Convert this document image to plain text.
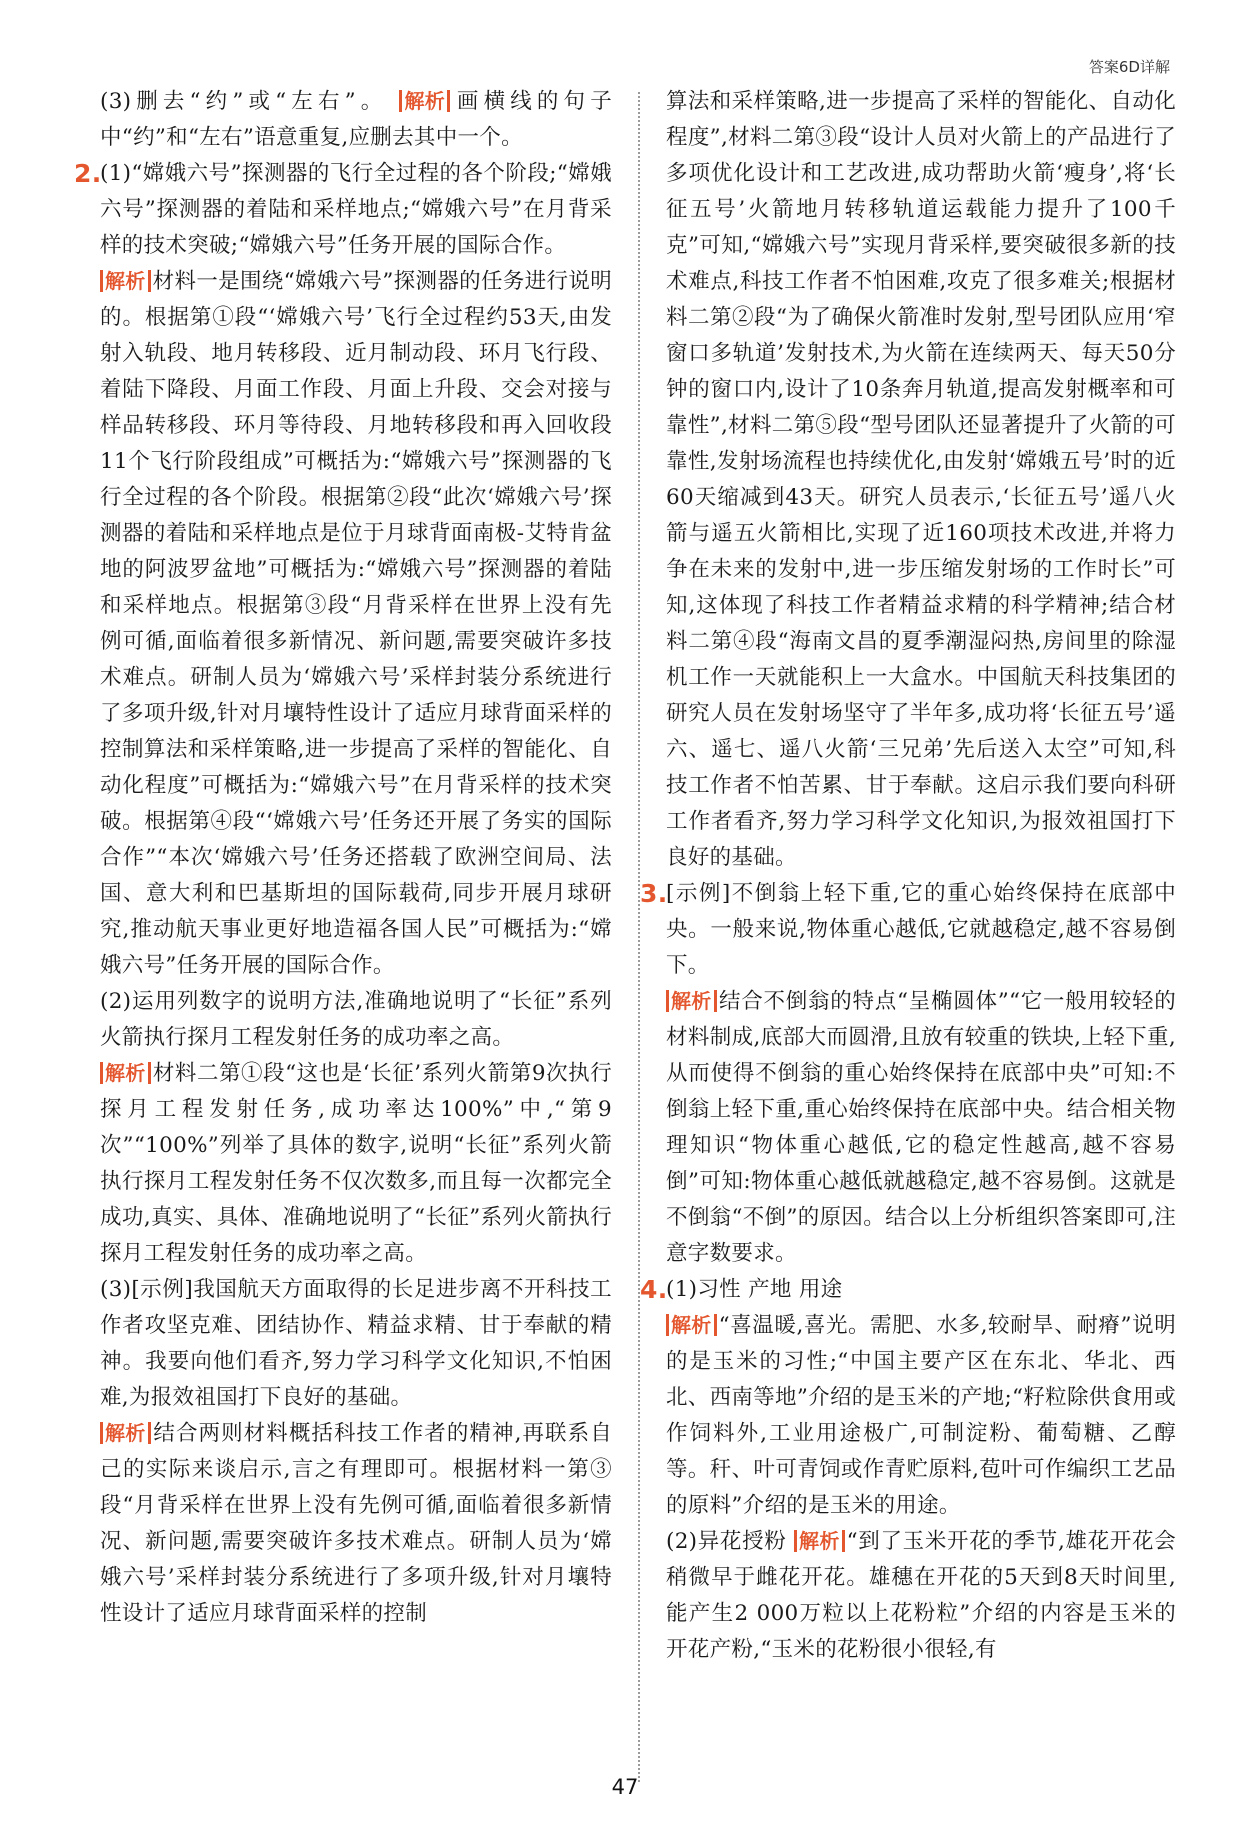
答案6D详解

(3)删去“约”或“左右”。 解析 画横线的句子中“约”和“左右”语意重复,应删去其中一个。

2.

(1)“嫦娥六号”探测器的飞行全过程的各个阶段;“嫦娥六号”探测器的着陆和采样地点;“嫦娥六号”在月背采样的技术突破;“嫦娥六号”任务开展的国际合作。

解析 材料一是围绕“嫦娥六号”探测器的任务进行说明的。根据第①段“‘嫦娥六号’飞行全过程约53天,由发射入轨段、地月转移段、近月制动段、环月飞行段、着陆下降段、月面工作段、月面上升段、交会对接与样品转移段、环月等待段、月地转移段和再入回收段11个飞行阶段组成”可概括为:“嫦娥六号”探测器的飞行全过程的各个阶段。根据第②段“此次‘嫦娥六号’探测器的着陆和采样地点是位于月球背面南极-艾特肯盆地的阿波罗盆地”可概括为:“嫦娥六号”探测器的着陆和采样地点。根据第③段“月背采样在世界上没有先例可循,面临着很多新情况、新问题,需要突破许多技术难点。研制人员为‘嫦娥六号’采样封装分系统进行了多项升级,针对月壤特性设计了适应月球背面采样的控制算法和采样策略,进一步提高了采样的智能化、自动化程度”可概括为:“嫦娥六号”在月背采样的技术突破。根据第④段“‘嫦娥六号’任务还开展了务实的国际合作”“本次‘嫦娥六号’任务还搭载了欧洲空间局、法国、意大利和巴基斯坦的国际载荷,同步开展月球研究,推动航天事业更好地造福各国人民”可概括为:“嫦娥六号”任务开展的国际合作。

(2)运用列数字的说明方法,准确地说明了“长征”系列火箭执行探月工程发射任务的成功率之高。

解析 材料二第①段“这也是‘长征’系列火箭第9次执行探月工程发射任务,成功率达100%”中,“第9次”“100%”列举了具体的数字,说明“长征”系列火箭执行探月工程发射任务不仅次数多,而且每一次都完全成功,真实、具体、准确地说明了“长征”系列火箭执行探月工程发射任务的成功率之高。

(3)[示例]我国航天方面取得的长足进步离不开科技工作者攻坚克难、团结协作、精益求精、甘于奉献的精神。我要向他们看齐,努力学习科学文化知识,不怕困难,为报效祖国打下良好的基础。

解析 结合两则材料概括科技工作者的精神,再联系自己的实际来谈启示,言之有理即可。根据材料一第③段“月背采样在世界上没有先例可循,面临着很多新情况、新问题,需要突破许多技术难点。研制人员为‘嫦娥六号’采样封装分系统进行了多项升级,针对月壤特性设计了适应月球背面采样的控制

算法和采样策略,进一步提高了采样的智能化、自动化程度”,材料二第③段“设计人员对火箭上的产品进行了多项优化设计和工艺改进,成功帮助火箭‘瘦身’,将‘长征五号’火箭地月转移轨道运载能力提升了100千克”可知,“嫦娥六号”实现月背采样,要突破很多新的技术难点,科技工作者不怕困难,攻克了很多难关;根据材料二第②段“为了确保火箭准时发射,型号团队应用‘窄窗口多轨道’发射技术,为火箭在连续两天、每天50分钟的窗口内,设计了10条奔月轨道,提高发射概率和可靠性”,材料二第⑤段“型号团队还显著提升了火箭的可靠性,发射场流程也持续优化,由发射‘嫦娥五号’时的近60天缩减到43天。研究人员表示,‘长征五号’遥八火箭与遥五火箭相比,实现了近160项技术改进,并将力争在未来的发射中,进一步压缩发射场的工作时长”可知,这体现了科技工作者精益求精的科学精神;结合材料二第④段“海南文昌的夏季潮湿闷热,房间里的除湿机工作一天就能积上一大盒水。中国航天科技集团的研究人员在发射场坚守了半年多,成功将‘长征五号’遥六、遥七、遥八火箭‘三兄弟’先后送入太空”可知,科技工作者不怕苦累、甘于奉献。这启示我们要向科研工作者看齐,努力学习科学文化知识,为报效祖国打下良好的基础。

3.

[示例]不倒翁上轻下重,它的重心始终保持在底部中央。一般来说,物体重心越低,它就越稳定,越不容易倒下。

解析 结合不倒翁的特点“呈椭圆体”“它一般用较轻的材料制成,底部大而圆滑,且放有较重的铁块,上轻下重,从而使得不倒翁的重心始终保持在底部中央”可知:不倒翁上轻下重,重心始终保持在底部中央。结合相关物理知识“物体重心越低,它的稳定性越高,越不容易倒”可知:物体重心越低就越稳定,越不容易倒。这就是不倒翁“不倒”的原因。结合以上分析组织答案即可,注意字数要求。

4.

(1)习性 产地 用途

解析 “喜温暖,喜光。需肥、水多,较耐旱、耐瘠”说明的是玉米的习性;“中国主要产区在东北、华北、西北、西南等地”介绍的是玉米的产地;“籽粒除供食用或作饲料外,工业用途极广,可制淀粉、葡萄糖、乙醇等。秆、叶可青饲或作青贮原料,苞叶可作编织工艺品的原料”介绍的是玉米的用途。

(2)异花授粉 解析 “到了玉米开花的季节,雄花开花会稍微早于雌花开花。雄穗在开花的5天到8天时间里,能产生2 000万粒以上花粉粒”介绍的内容是玉米的开花产粉,“玉米的花粉很小很轻,有

47
